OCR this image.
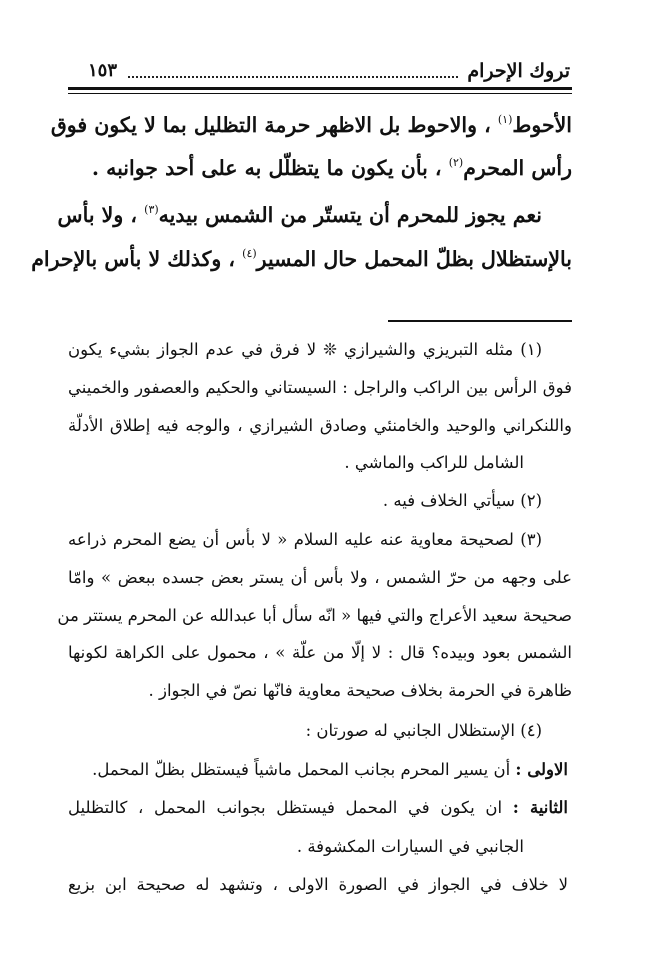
تروك الإحرام
١٥٣
الأحوط$^{(١)}$ ، والاحوط بل الاظهر حرمة التظليل بما لا يكون فوق
رأس المحرم$^{(٢)}$ ، بأن يكون ما يتظلّل به على أحد جوانبه .
نعم يجوز للمحرم أن يتستّر من الشمس بيديه$^{(٣)}$ ، ولا بأس
بالإستظلال بظلّ المحمل حال المسير$^{(٤)}$ ، وكذلك لا بأس بالإحرام
(١) مثله التبريزي والشيرازي ❊ لا فرق في عدم الجواز بشيء يكون
فوق الرأس بين الراكب والراجل : السيستاني والحكيم والعصفور والخميني
واللنكراني والوحيد والخامنئي وصادق الشيرازي ، والوجه فيه إطلاق الأدلّة
الشامل للراكب والماشي .
(٢) سيأتي الخلاف فيه .
(٣) لصحيحة معاوية عنه عليه السلام « لا بأس أن يضع المحرم ذراعه
على وجهه من حرّ الشمس ، ولا بأس أن يستر بعض جسده ببعض » وامّا
صحيحة سعيد الأعراج والتي فيها « انّه سأل أبا عبدالله عن المحرم يستتر من
الشمس بعود وبيده؟ قال : لا إلّا من علّة » ، محمول على الكراهة لكونها
ظاهرة في الحرمة بخلاف صحيحة معاوية فانّها نصّ في الجواز .
(٤) الإستظلال الجانبي له صورتان :
الاولى : أن يسير المحرم بجانب المحمل ماشياً فيستظل بظلّ المحمل.
الثانية : ان يكون في المحمل فيستظل بجوانب المحمل ، كالتظليل
الجانبي في السيارات المكشوفة .
لا خلاف في الجواز في الصورة الاولى ، وتشهد له صحيحة ابن بزيع
